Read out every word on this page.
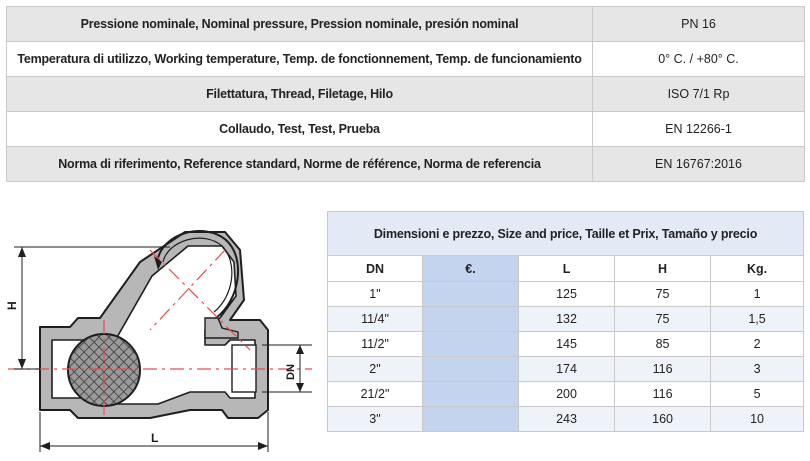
Pressione nominale, Nominal pressure, Pression nominale, presión nominal	PN 16
Temperatura di utilizzo, Working temperature, Temp. de fonctionnement, Temp. de funcionamiento	0° C. / +80° C.
Filettatura, Thread, Filetage, Hilo	ISO 7/1 Rp
Collaudo, Test, Test, Prueba	EN 12266-1
Norma di riferimento, Reference standard, Norme de référence, Norma de referencia	EN 16767:2016
H
L
DN
Dimensioni e prezzo, Size and price, Taille et Prix, Tamaño y precio				
DN	€.	L	H	Kg.
1"		125	75	1
11/4"		132	75	1,5
11/2"		145	85	2
2"		174	116	3
21/2"		200	116	5
3"		243	160	10
